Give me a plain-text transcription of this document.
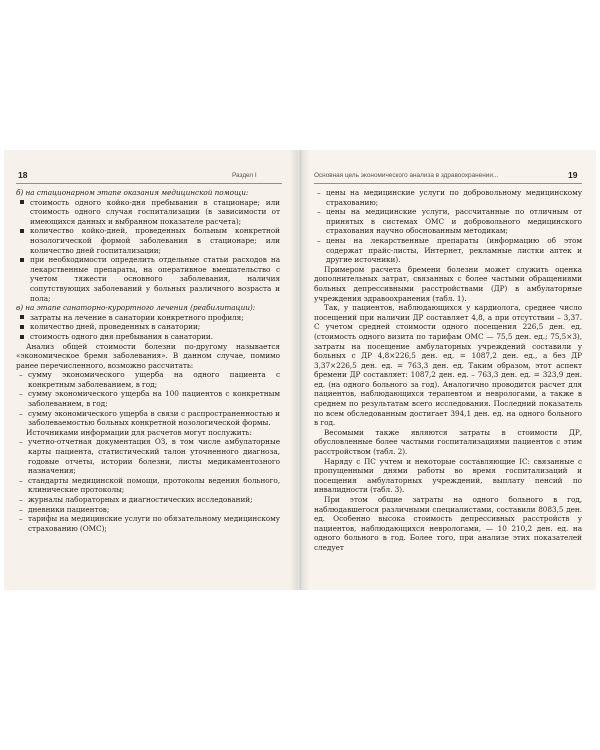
18	Раздел I

б) на стационарном этапе оказания медицинской помощи:

стоимость одного койко-дня пребывания в стационаре; или стоимость одного случая госпитализации (в зависимости от имеющихся данных и выбранном показателе расчета);
количество койко-дней, проведенных больным конкретной нозологической формой заболевания в стационаре; или количество дней госпитализации;
при необходимости определить отдельные статьи расходов на лекарственные препараты, на оперативное вмешательство с учетом тяжести основного заболевания, наличия сопутствующих заболеваний у больных различного возраста и пола;

в) на этапе санаторно-курортного лечения (реабилитации):

затраты на лечение в санатории конкретного профиля;
количество дней, проведенных в санатории;
стоимость одного дня пребывания в санатории.

Анализ общей стоимости болезни по-другому называется «экономическое бремя заболевания». В данном случае, помимо ранее перечисленного, возможно рассчитать:

– сумму экономического ущерба на одного пациента с конкретным заболеванием, в год;
– сумму экономического ущерба на 100 пациентов с конкретным заболеванием, в год;
– сумму экономического ущерба в связи с распространенностью и заболеваемостью больных конкретной нозологической формы.

Источниками информации для расчетов могут послужить:

– учетно-отчетная документация ОЗ, в том числе амбулаторные карты пациента, статистический талон уточненного диагноза, годовые отчеты, истории болезни, листы медикаментозного назначения;
– стандарты медицинской помощи, протоколы ведения больного, клинические протоколы;
– журналы лабораторных и диагностических исследований;
– дневники пациентов;
– тарифы на медицинские услуги по обязательному медицинскому страхованию (ОМС);
Основная цель экономического анализа в здравоохранении...	19
– цены на медицинские услуги по добровольному медицинскому страхованию;
– цены на медицинские услуги, рассчитанные по отличным от принятых в системах ОМС и добровольного медицинского страхования научно обоснованным методикам;
– цены на лекарственные препараты (информацию об этом содержат прайс-листы, Интернет, рекламные листки аптек и другие источники).

Примером расчета бремени болезни может служить оценка дополнительных затрат, связанных с более частыми обращениями больных депрессивными расстройствами (ДР) в амбулаторные учреждения здравоохранения (табл. 1).

Так, у пациентов, наблюдающихся у кардиолога, среднее число посещений при наличии ДР составляет 4,8, а при отсутствии – 3,37. С учетом средней стоимости одного посещения 226,5 ден. ед. (стоимость одного визита по тарифам ОМС — 75,5 ден. ед.; 75,5×3), затраты на посещение амбулаторных учреждений составили у больных с ДР 4,8×226,5 ден. ед. = 1087,2 ден. ед., а без ДР 3,37×226,5 ден. ед. = 763,3 ден. ед. Таким образом, этот аспект бремени ДР составляет: 1087,2 ден. ед. – 763,3 ден. ед. = 323,9 ден. ед. (на одного больного за год). Аналогично проводится расчет для пациентов, наблюдающихся терапевтом и неврологами, а также в среднем по результатам всего исследования. Последний показатель по всем обследованным достигает 394,1 ден. ед. на одного больного в год.

Весомыми также являются затраты в стоимости ДР, обусловленные более частыми госпитализациями пациентов с этим расстройством (табл. 2).

Наряду с ПС учтем и некоторые составляющие IС: связанные с пропущенными днями работы во время госпитализаций и посещения амбулаторных учреждений, выплату пенсий по инвалидности (табл. 3).

При этом общие затраты на одного больного в год, наблюдавшегося различными специалистами, составили 8083,5 ден. ед. Особенно высока стоимость депрессивных расстройств у пациентов, наблюдающихся неврологами, — 10 210,2 ден. ед. на одного больного в год. Более того, при анализе этих показателей следует
